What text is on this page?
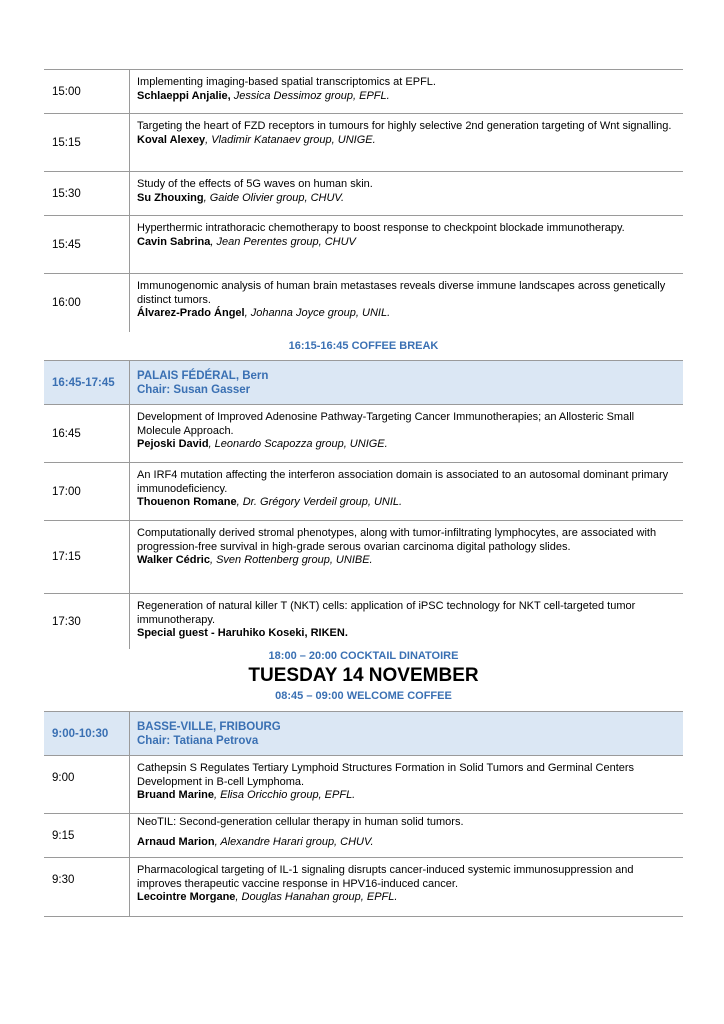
15:00
Implementing imaging-based spatial transcriptomics at EPFL.
Schlaeppi Anjalie, Jessica Dessimoz group, EPFL.
15:15
Targeting the heart of FZD receptors in tumours for highly selective 2nd generation targeting of Wnt signalling.
Koval Alexey, Vladimir Katanaev group, UNIGE.
15:30
Study of the effects of 5G waves on human skin.
Su Zhouxing, Gaide Olivier group, CHUV.
15:45
Hyperthermic intrathoracic chemotherapy to boost response to checkpoint blockade immunotherapy.
Cavin Sabrina, Jean Perentes group, CHUV
16:00
Immunogenomic analysis of human brain metastases reveals diverse immune landscapes across genetically distinct tumors.
Álvarez-Prado Ángel, Johanna Joyce group, UNIL.
16:15-16:45 COFFEE BREAK
16:45-17:45
PALAIS FÉDÉRAL, Bern
Chair: Susan Gasser
16:45
Development of Improved Adenosine Pathway-Targeting Cancer Immunotherapies; an Allosteric Small Molecule Approach.
Pejoski David, Leonardo Scapozza group, UNIGE.
17:00
An IRF4 mutation affecting the interferon association domain is associated to an autosomal dominant primary immunodeficiency.
Thouenon Romane, Dr. Grégory Verdeil group, UNIL.
17:15
Computationally derived stromal phenotypes, along with tumor-infiltrating lymphocytes, are associated with progression-free survival in high-grade serous ovarian carcinoma digital pathology slides.
Walker Cédric, Sven Rottenberg group, UNIBE.
17:30
Regeneration of natural killer T (NKT) cells: application of iPSC technology for NKT cell-targeted tumor immunotherapy.
Special guest - Haruhiko Koseki, RIKEN.
18:00 – 20:00 COCKTAIL DINATOIRE
TUESDAY 14 NOVEMBER
08:45 – 09:00 WELCOME COFFEE
9:00-10:30
BASSE-VILLE, FRIBOURG
Chair: Tatiana Petrova
9:00
Cathepsin S Regulates Tertiary Lymphoid Structures Formation in Solid Tumors and Germinal Centers Development in B-cell Lymphoma.
Bruand Marine, Elisa Oricchio group, EPFL.
9:15
NeoTIL: Second-generation cellular therapy in human solid tumors.
Arnaud Marion, Alexandre Harari group, CHUV.
9:30
Pharmacological targeting of IL-1 signaling disrupts cancer-induced systemic immunosuppression and improves therapeutic vaccine response in HPV16-induced cancer.
Lecointre Morgane, Douglas Hanahan group, EPFL.
